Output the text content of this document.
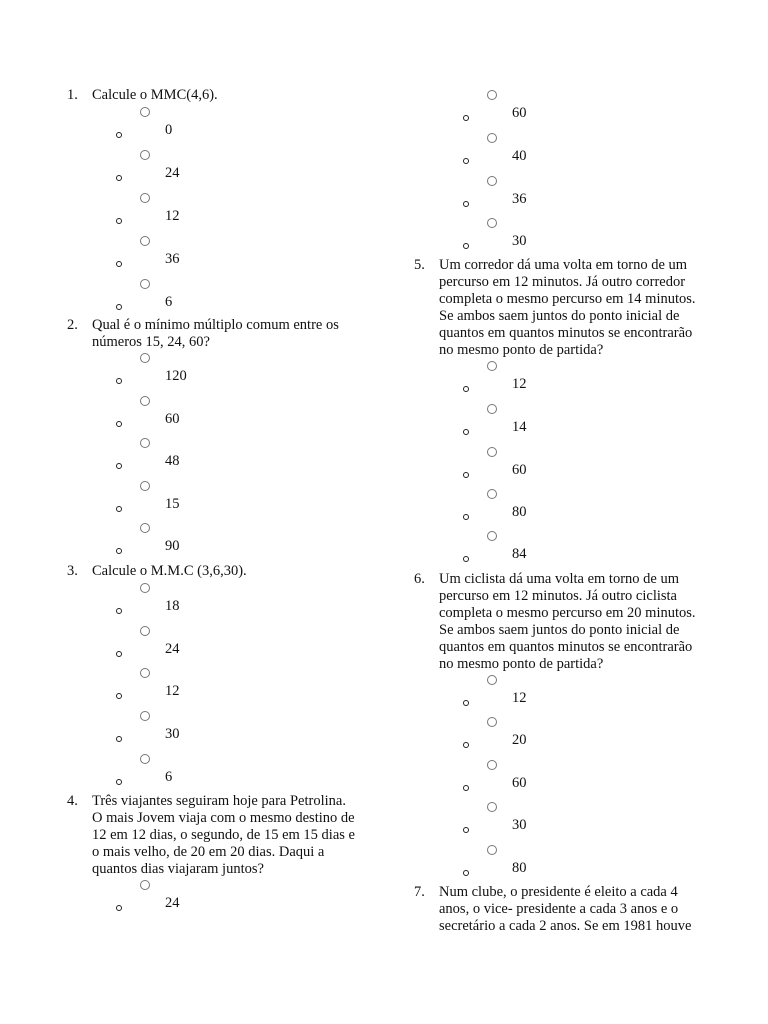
1. Calcule o MMC(4,6).
0
24
12
36
6
2. Qual é o mínimo múltiplo comum entre os
números 15, 24, 60?
120
60
48
15
90
3. Calcule o M.M.C (3,6,30).
18
24
12
30
6
4. Três viajantes seguiram hoje para Petrolina.
O mais Jovem viaja com o mesmo destino de
12 em 12 dias, o segundo, de 15 em 15 dias e
o mais velho, de 20 em 20 dias. Daqui a
quantos dias viajaram juntos?
24
60
40
36
30
5. Um corredor dá uma volta em torno de um
percurso em 12 minutos. Já outro corredor
completa o mesmo percurso em 14 minutos.
Se ambos saem juntos do ponto inicial de
quantos em quantos minutos se encontrarão
no mesmo ponto de partida?
12
14
60
80
84
6. Um ciclista dá uma volta em torno de um
percurso em 12 minutos. Já outro ciclista
completa o mesmo percurso em 20 minutos.
Se ambos saem juntos do ponto inicial de
quantos em quantos minutos se encontrarão
no mesmo ponto de partida?
12
20
60
30
80
7. Num clube, o presidente é eleito a cada 4
anos, o vice- presidente a cada 3 anos e o
secretário a cada 2 anos. Se em 1981 houve
